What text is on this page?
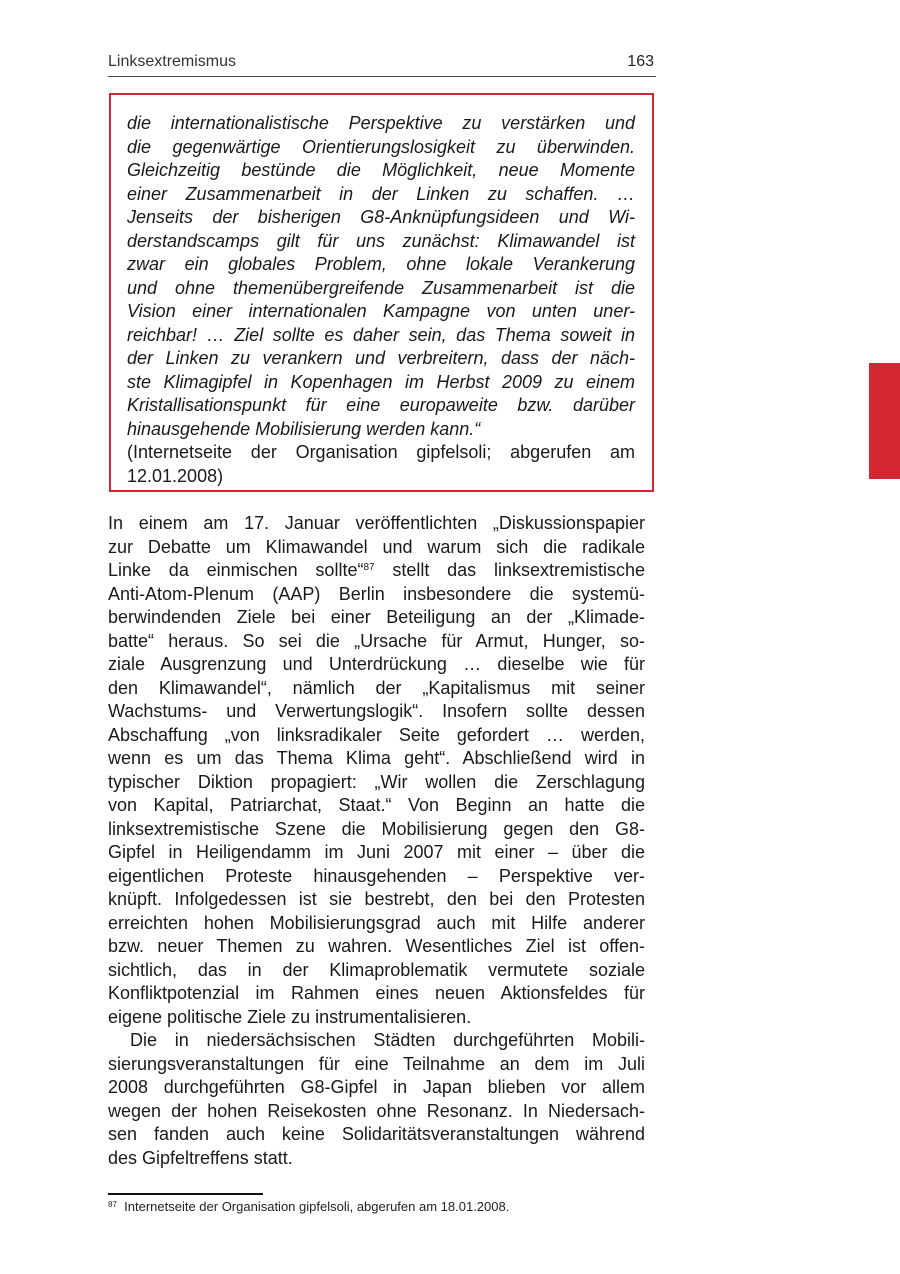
Linksextremismus	163
die internationalistische Perspektive zu verstärken und
die gegenwärtige Orientierungslosigkeit zu überwinden.
Gleichzeitig bestünde die Möglichkeit, neue Momente
einer Zusammenarbeit in der Linken zu schaffen. …
Jenseits der bisherigen G8-Anknüpfungsideen und Wi-
derstandscamps gilt für uns zunächst: Klimawandel ist
zwar ein globales Problem, ohne lokale Verankerung
und ohne themenübergreifende Zusammenarbeit ist die
Vision einer internationalen Kampagne von unten uner-
reichbar! … Ziel sollte es daher sein, das Thema soweit in
der Linken zu verankern und verbreitern, dass der näch-
ste Klimagipfel in Kopenhagen im Herbst 2009 zu einem
Kristallisationspunkt für eine europaweite bzw. darüber
hinausgehende Mobilisierung werden kann.“
(Internetseite der Organisation gipfelsoli; abgerufen am
12.01.2008)
In einem am 17. Januar veröffentlichten „Diskussionspapier
zur Debatte um Klimawandel und warum sich die radikale
Linke da einmischen sollte“$^{87}$ stellt das linksextremistische
Anti-Atom-Plenum (AAP) Berlin insbesondere die systemü-
berwindenden Ziele bei einer Beteiligung an der „Klimade-
batte“ heraus. So sei die „Ursache für Armut, Hunger, so-
ziale Ausgrenzung und Unterdrückung … dieselbe wie für
den Klimawandel“, nämlich der „Kapitalismus mit seiner
Wachstums- und Verwertungslogik“. Insofern sollte dessen
Abschaffung „von linksradikaler Seite gefordert … werden,
wenn es um das Thema Klima geht“. Abschließend wird in
typischer Diktion propagiert: „Wir wollen die Zerschlagung
von Kapital, Patriarchat, Staat.“ Von Beginn an hatte die
linksextremistische Szene die Mobilisierung gegen den G8-
Gipfel in Heiligendamm im Juni 2007 mit einer – über die
eigentlichen Proteste hinausgehenden – Perspektive ver-
knüpft. Infolgedessen ist sie bestrebt, den bei den Protesten
erreichten hohen Mobilisierungsgrad auch mit Hilfe anderer
bzw. neuer Themen zu wahren. Wesentliches Ziel ist offen-
sichtlich, das in der Klimaproblematik vermutete soziale
Konfliktpotenzial im Rahmen eines neuen Aktionsfeldes für
eigene politische Ziele zu instrumentalisieren.
Die in niedersächsischen Städten durchgeführten Mobili-
sierungsveranstaltungen für eine Teilnahme an dem im Juli
2008 durchgeführten G8-Gipfel in Japan blieben vor allem
wegen der hohen Reisekosten ohne Resonanz. In Niedersach-
sen fanden auch keine Solidaritätsveranstaltungen während
des Gipfeltreffens statt.
$^{87}$ Internetseite der Organisation gipfelsoli, abgerufen am 18.01.2008.
